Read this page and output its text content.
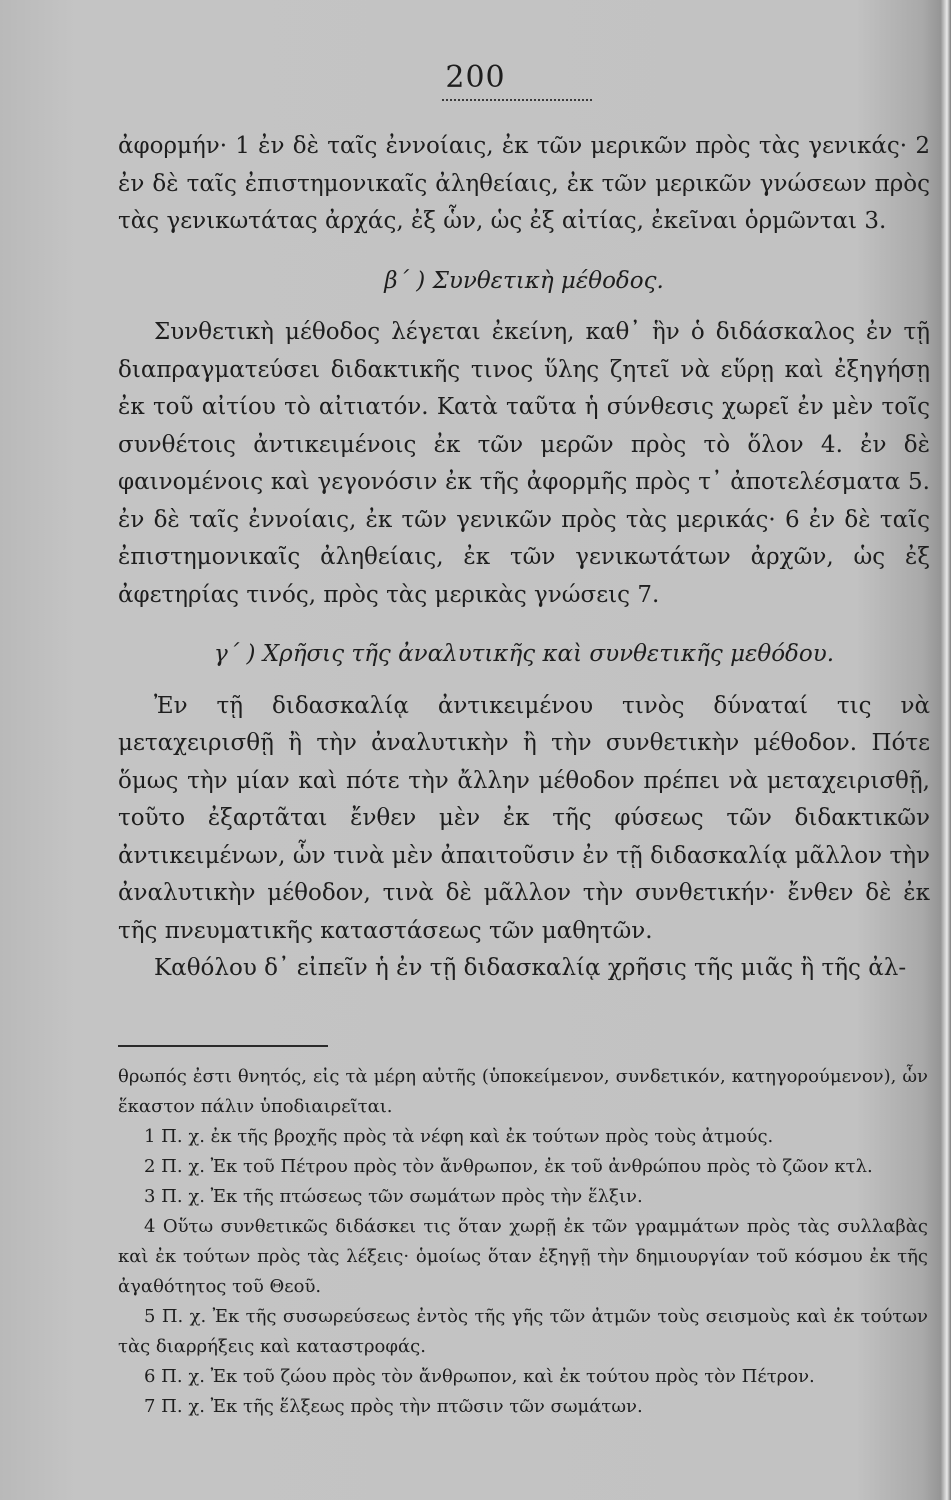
200

ἀφορμήν· 1 ἐν δὲ ταῖς ἐννοίαις, ἐκ τῶν μερικῶν πρὸς τὰς γενικάς· 2 ἐν δὲ ταῖς ἐπιστημονικαῖς ἀληθείαις, ἐκ τῶν μερικῶν γνώσεων πρὸς τὰς γενικωτάτας ἀρχάς, ἐξ ὧν, ὡς ἐξ αἰτίας, ἐκεῖναι ὁρμῶνται 3.

β΄ ) Συνθετικὴ μέθοδος.

Συνθετικὴ μέθοδος λέγεται ἐκείνη, καθ᾽ ἣν ὁ διδάσκαλος ἐν τῇ διαπραγματεύσει διδακτικῆς τινος ὕλης ζητεῖ νὰ εὕρῃ καὶ ἐξηγήσῃ ἐκ τοῦ αἰτίου τὸ αἰτιατόν. Κατὰ ταῦτα ἡ σύνθεσις χωρεῖ ἐν μὲν τοῖς συνθέτοις ἀντικειμένοις ἐκ τῶν μερῶν πρὸς τὸ ὅλον 4. ἐν δὲ φαινομένοις καὶ γεγονόσιν ἐκ τῆς ἀφορμῆς πρὸς τ᾽ ἀποτελέσματα 5. ἐν δὲ ταῖς ἐννοίαις, ἐκ τῶν γενικῶν πρὸς τὰς μερικάς· 6 ἐν δὲ ταῖς ἐπιστημονικαῖς ἀληθείαις, ἐκ τῶν γενικωτάτων ἀρχῶν, ὡς ἐξ ἀφετηρίας τινός, πρὸς τὰς μερικὰς γνώσεις 7.

γ΄ ) Χρῆσις τῆς ἀναλυτικῆς καὶ συνθετικῆς μεθόδου.

Ἐν τῇ διδασκαλίᾳ ἀντικειμένου τινὸς δύναταί τις νὰ μεταχειρισθῇ ἢ τὴν ἀναλυτικὴν ἢ τὴν συνθετικὴν μέθοδον. Πότε ὅμως τὴν μίαν καὶ πότε τὴν ἄλλην μέθοδον πρέπει νὰ μεταχειρισθῇ, τοῦτο ἐξαρτᾶται ἔνθεν μὲν ἐκ τῆς φύσεως τῶν διδακτικῶν ἀντικειμένων, ὧν τινὰ μὲν ἀπαιτοῦσιν ἐν τῇ διδασκαλίᾳ μᾶλλον τὴν ἀναλυτικὴν μέθοδον, τινὰ δὲ μᾶλλον τὴν συνθετικήν· ἔνθεν δὲ ἐκ τῆς πνευματικῆς καταστάσεως τῶν μαθητῶν.

Καθόλου δ᾽ εἰπεῖν ἡ ἐν τῇ διδασκαλίᾳ χρῆσις τῆς μιᾶς ἢ τῆς ἀλ-

θρωπός ἐστι θνητός, εἰς τὰ μέρη αὐτῆς (ὑποκείμενον, συνδετικόν, κατηγορούμενον), ὧν ἕκαστον πάλιν ὑποδιαιρεῖται.

1 Π. χ. ἐκ τῆς βροχῆς πρὸς τὰ νέφη καὶ ἐκ τούτων πρὸς τοὺς ἀτμούς.

2 Π. χ. Ἐκ τοῦ Πέτρου πρὸς τὸν ἄνθρωπον, ἐκ τοῦ ἀνθρώπου πρὸς τὸ ζῶον κτλ.

3 Π. χ. Ἐκ τῆς πτώσεως τῶν σωμάτων πρὸς τὴν ἕλξιν.

4 Οὕτω συνθετικῶς διδάσκει τις ὅταν χωρῇ ἐκ τῶν γραμμάτων πρὸς τὰς συλλαβὰς καὶ ἐκ τούτων πρὸς τὰς λέξεις· ὁμοίως ὅταν ἐξηγῇ τὴν δημιουργίαν τοῦ κόσμου ἐκ τῆς ἀγαθότητος τοῦ Θεοῦ.

5 Π. χ. Ἐκ τῆς συσωρεύσεως ἐντὸς τῆς γῆς τῶν ἀτμῶν τοὺς σεισμοὺς καὶ ἐκ τούτων τὰς διαρρήξεις καὶ καταστροφάς.

6 Π. χ. Ἐκ τοῦ ζώου πρὸς τὸν ἄνθρωπον, καὶ ἐκ τούτου πρὸς τὸν Πέτρον.

7 Π. χ. Ἐκ τῆς ἕλξεως πρὸς τὴν πτῶσιν τῶν σωμάτων.
